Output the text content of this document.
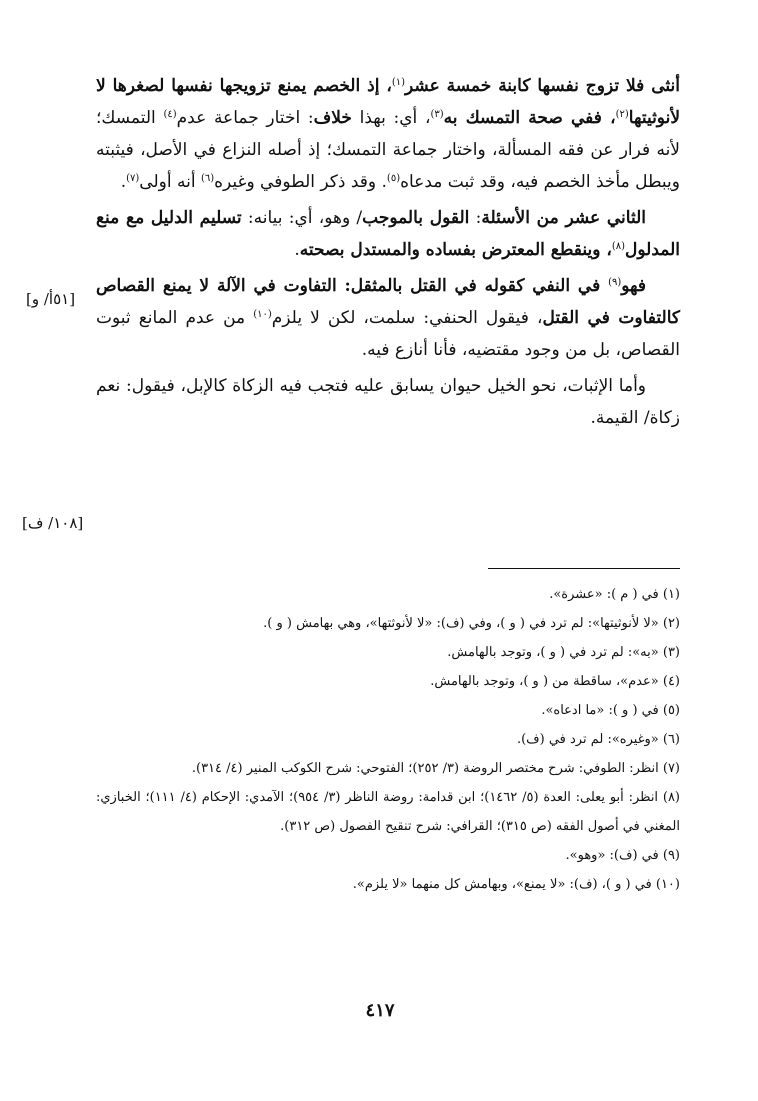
أنثى فلا تزوج نفسها كابنة خمسة عشر$^{(١)}$، إذ الخصم يمنع تزويجها نفسها لصغرها لا لأنوثيتها$^{(٢)}$، ففي صحة التمسك به$^{(٣)}$، أي: بهذا خلاف: اختار جماعة عدم$^{(٤)}$ التمسك؛ لأنه فرار عن فقه المسألة، واختار جماعة التمسك؛ إذ أصله النزاع في الأصل، فيثبته ويبطل مأخذ الخصم فيه، وقد ثبت مدعاه$^{(٥)}$. وقد ذكر الطوفي وغيره$^{(٦)}$ أنه أولى$^{(٧)}$.

الثاني عشر من الأسئلة: القول بالموجب/ وهو، أي: بيانه: تسليم الدليل مع منع المدلول$^{(٨)}$، وينقطع المعترض بفساده والمستدل بصحته.

فهو$^{(٩)}$ في النفي كقوله في القتل بالمثقل: التفاوت في الآلة لا يمنع القصاص كالتفاوت في القتل، فيقول الحنفي: سلمت، لكن لا يلزم$^{(١٠)}$ من عدم المانع ثبوت القصاص، بل من وجود مقتضيه، فأنا أنازع فيه.

وأما الإثبات، نحو الخيل حيوان يسابق عليه فتجب فيه الزكاة كالإبل، فيقول: نعم زكاة/ القيمة.

[٥١أ/ و]
[١٠٨/ ف]

(١) في ( م ): «عشرة».

(٢) «لا لأنوثيتها»: لم ترد في ( و )، وفي (ف): «لا لأنوثتها»، وهي بهامش ( و ).

(٣) «به»: لم ترد في ( و )، وتوجد بالهامش.

(٤) «عدم»، ساقطة من ( و )، وتوجد بالهامش.

(٥) في ( و ): «ما ادعاه».

(٦) «وغيره»: لم ترد في (ف).

(٧) انظر: الطوفي: شرح مختصر الروضة (٣/ ٢٥٢)؛ الفتوحي: شرح الكوكب المنير (٤/ ٣١٤).

(٨) انظر: أبو يعلى: العدة (٥/ ١٤٦٢)؛ ابن قدامة: روضة الناظر (٣/ ٩٥٤)؛ الآمدي: الإحكام (٤/ ١١١)؛ الخبازي: المغني في أصول الفقه (ص ٣١٥)؛ القرافي: شرح تنقيح الفصول (ص ٣١٢).

(٩) في (ف): «وهو».

(١٠) في ( و )، (ف): «لا يمنع»، وبهامش كل منهما «لا يلزم».

٤١٧
